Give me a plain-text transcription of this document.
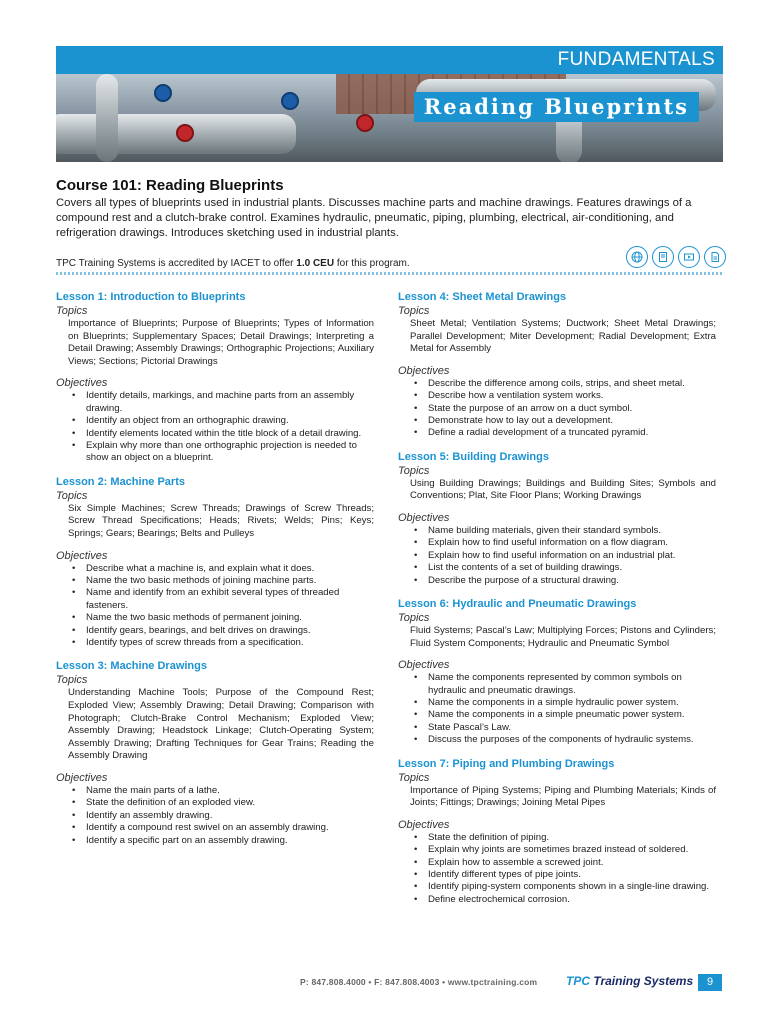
FUNDAMENTALS
Reading Blueprints
Course 101: Reading Blueprints
Covers all types of blueprints used in industrial plants. Discusses machine parts and machine drawings. Features drawings of a compound rest and a clutch-brake control. Examines hydraulic, pneumatic, piping, plumbing, electrical, air-conditioning, and refrigeration drawings. Introduces sketching used in industrial plants.
TPC Training Systems is accredited by IACET to offer 1.0 CEU for this program.
Lesson 1: Introduction to Blueprints
Topics
Importance of Blueprints; Purpose of Blueprints; Types of Information on Blueprints; Supplementary Spaces; Detail Drawings; Interpreting a Detail Drawing; Assembly Drawings; Orthographic Projections; Auxiliary Views; Sections; Pictorial Drawings
Objectives
• Identify details, markings, and machine parts from an assembly drawing.
• Identify an object from an orthographic drawing.
• Identify elements located within the title block of a detail drawing.
• Explain why more than one orthographic projection is needed to show an object on a blueprint.
Lesson 2: Machine Parts
Topics
Six Simple Machines; Screw Threads; Drawings of Screw Threads; Screw Thread Specifications; Heads; Rivets; Welds; Pins; Keys; Springs; Gears; Bearings; Belts and Pulleys
Objectives
• Describe what a machine is, and explain what it does.
• Name the two basic methods of joining machine parts.
• Name and identify from an exhibit several types of threaded fasteners.
• Name the two basic methods of permanent joining.
• Identify gears, bearings, and belt drives on drawings.
• Identify types of screw threads from a specification.
Lesson 3: Machine Drawings
Topics
Understanding Machine Tools; Purpose of the Compound Rest; Exploded View; Assembly Drawing; Detail Drawing; Comparison with Photograph; Clutch-Brake Control Mechanism; Exploded View; Assembly Drawing; Headstock Linkage; Clutch-Operating System; Assembly Drawing; Drafting Techniques for Gear Trains; Reading the Assembly Drawing
Objectives
• Name the main parts of a lathe.
• State the definition of an exploded view.
• Identify an assembly drawing.
• Identify a compound rest swivel on an assembly drawing.
• Identify a specific part on an assembly drawing.
Lesson 4: Sheet Metal Drawings
Topics
Sheet Metal; Ventilation Systems; Ductwork; Sheet Metal Drawings; Parallel Development; Miter Development; Radial Development; Extra Metal for Assembly
Objectives
• Describe the difference among coils, strips, and sheet metal.
• Describe how a ventilation system works.
• State the purpose of an arrow on a duct symbol.
• Demonstrate how to lay out a development.
• Define a radial development of a truncated pyramid.
Lesson 5: Building Drawings
Topics
Using Building Drawings; Buildings and Building Sites; Symbols and Conventions; Plat, Site Floor Plans; Working Drawings
Objectives
• Name building materials, given their standard symbols.
• Explain how to find useful information on a flow diagram.
• Explain how to find useful information on an industrial plat.
• List the contents of a set of building drawings.
• Describe the purpose of a structural drawing.
Lesson 6: Hydraulic and Pneumatic Drawings
Topics
Fluid Systems; Pascal’s Law; Multiplying Forces; Pistons and Cylinders; Fluid System Components; Hydraulic and Pneumatic Symbol
Objectives
• Name the components represented by common symbols on hydraulic and pneumatic drawings.
• Name the components in a simple hydraulic power system.
• Name the components in a simple pneumatic power system.
• State Pascal’s Law.
• Discuss the purposes of the components of hydraulic systems.
Lesson 7: Piping and Plumbing Drawings
Topics
Importance of Piping Systems; Piping and Plumbing Materials; Kinds of Joints; Fittings; Drawings; Joining Metal Pipes
Objectives
• State the definition of piping.
• Explain why joints are sometimes brazed instead of soldered.
• Explain how to assemble a screwed joint.
• Identify different types of pipe joints.
• Identify piping-system components shown in a single-line drawing.
• Define electrochemical corrosion.
P: 847.808.4000 • F: 847.808.4003 • www.tpctraining.com TPC Training Systems	9
